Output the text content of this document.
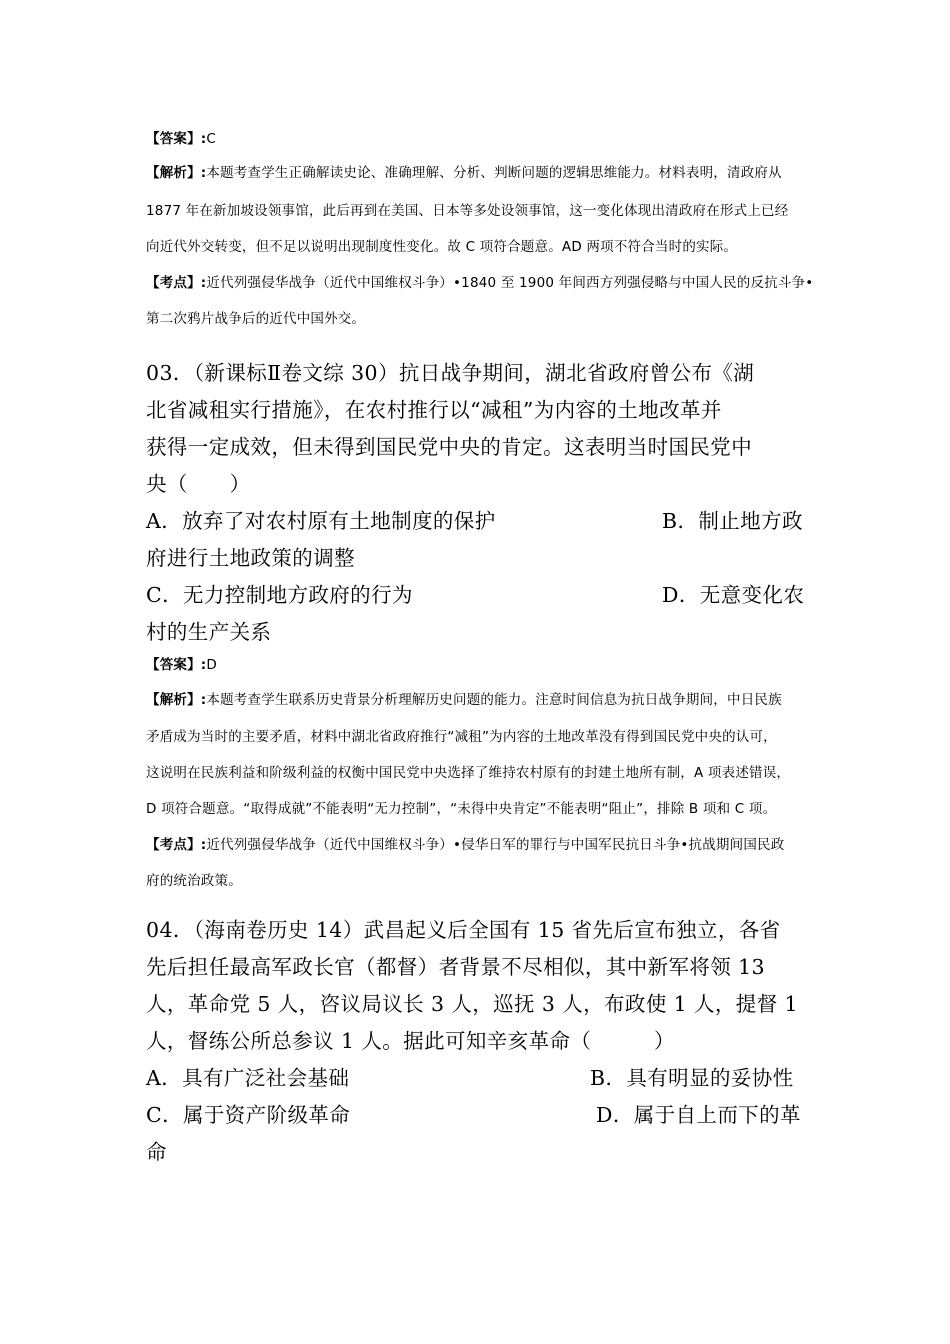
【答案】:C
【解析】:本题考查学生正确解读史论、准确理解、分析、判断问题的逻辑思维能力。材料表明，清政府从
1877 年在新加坡设领事馆，此后再到在美国、日本等多处设领事馆，这一变化体现出清政府在形式上已经
向近代外交转变，但不足以说明出现制度性变化。故 C 项符合题意。AD 两项不符合当时的实际。
【考点】:近代列强侵华战争（近代中国维权斗争）•1840 至 1900 年间西方列强侵略与中国人民的反抗斗争•
第二次鸦片战争后的近代中国外交。
03．（新课标Ⅱ卷文综 30）抗日战争期间，湖北省政府曾公布《湖
北省减租实行措施》，在农村推行以“减租”为内容的土地改革并
获得一定成效，但未得到国民党中央的肯定。这表明当时国民党中
央（　　）
A．放弃了对农村原有土地制度的保护	B．制止地方政
府进行土地政策的调整
C．无力控制地方政府的行为	D．无意变化农
村的生产关系
【答案】:D
【解析】:本题考查学生联系历史背景分析理解历史问题的能力。注意时间信息为抗日战争期间，中日民族
矛盾成为当时的主要矛盾，材料中湖北省政府推行“减租”为内容的土地改革没有得到国民党中央的认可，
这说明在民族利益和阶级利益的权衡中国民党中央选择了维持农村原有的封建土地所有制，A 项表述错误，
D 项符合题意。“取得成就”不能表明“无力控制”，“未得中央肯定”不能表明“阻止”，排除 B 项和 C 项。
【考点】:近代列强侵华战争（近代中国维权斗争）•侵华日军的罪行与中国军民抗日斗争•抗战期间国民政
府的统治政策。
04．（海南卷历史 14）武昌起义后全国有 15 省先后宣布独立，各省
先后担任最高军政长官（都督）者背景不尽相似，其中新军将领 13
人，革命党 5 人，咨议局议长 3 人，巡抚 3 人，布政使 1 人，提督 1
人，督练公所总参议 1 人。据此可知辛亥革命（　　　）
A．具有广泛社会基础	B．具有明显的妥协性
C．属于资产阶级革命	D．属于自上而下的革
命
